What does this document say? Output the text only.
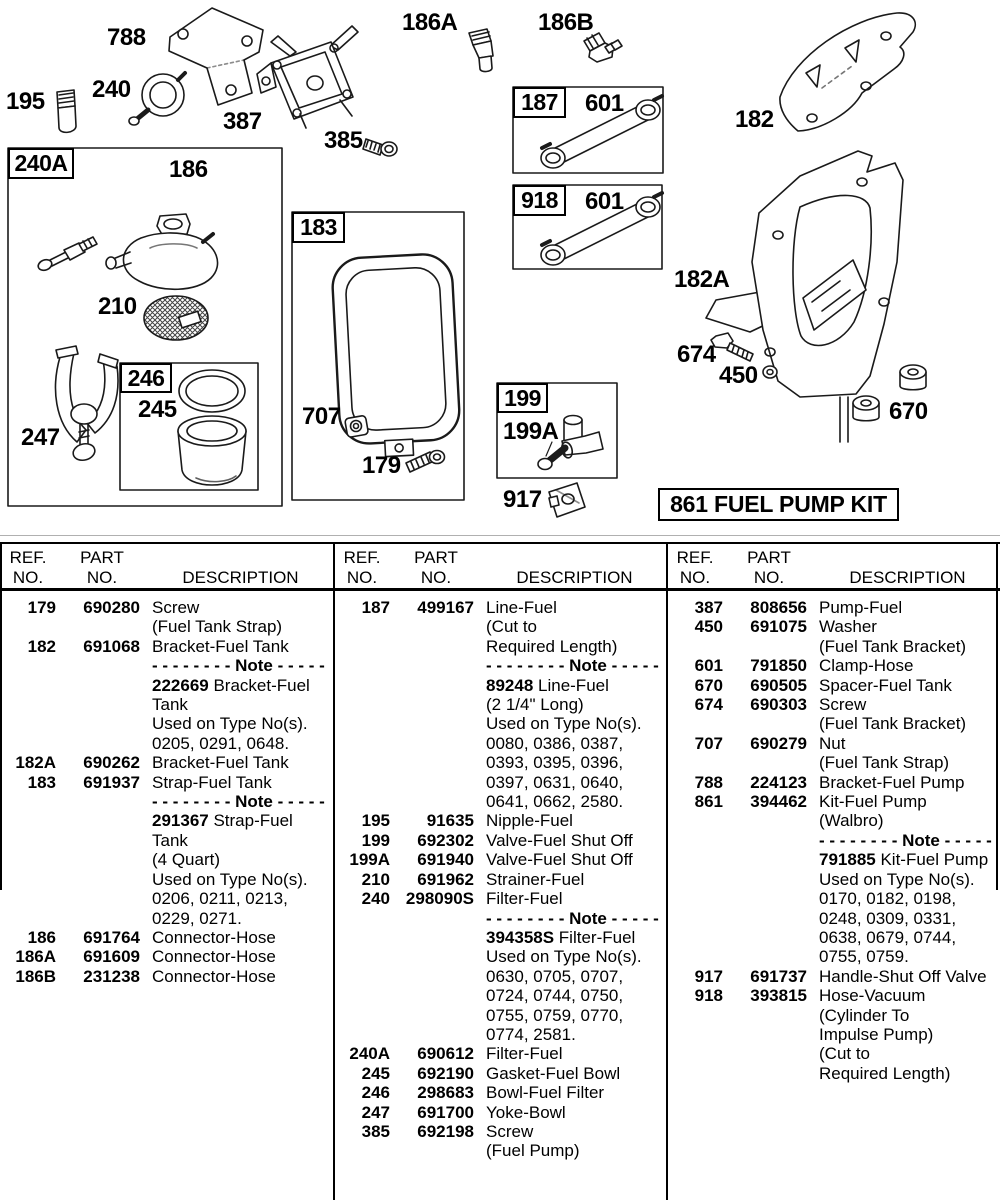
788
186A	186B
195 240
387
385
186
210
245
247
707
179
601
601
182
182A
674
450
670
199A
917
240A
183
246
187
918
199
861 FUEL PUMP KIT
REF.	PART
NO.	NO.	DESCRIPTION
179	690280 Screw
(Fuel Tank Strap)
182	691068 Bracket-Fuel Tank
- - - - - - - - Note - - - - -
222669 Bracket-Fuel
Tank
Used on Type No(s).
0205, 0291, 0648.
182A	690262 Bracket-Fuel Tank
183	691937 Strap-Fuel Tank
- - - - - - - - Note - - - - -
291367 Strap-Fuel
Tank
(4 Quart)
Used on Type No(s).
0206, 0211, 0213,
0229, 0271.
186	691764 Connector-Hose
186A	691609 Connector-Hose
186B	231238 Connector-Hose
REF.	PART
NO.	NO.	DESCRIPTION
187	499167 Line-Fuel
(Cut to
Required Length)
- - - - - - - - Note - - - - -
89248 Line-Fuel
(2 1/4" Long)
Used on Type No(s).
0080, 0386, 0387,
0393, 0395, 0396,
0397, 0631, 0640,
0641, 0662, 2580.
195	91635 Nipple-Fuel
199	692302 Valve-Fuel Shut Off
199A	691940 Valve-Fuel Shut Off
210	691962 Strainer-Fuel
240 298090S Filter-Fuel
- - - - - - - - Note - - - - -
394358S Filter-Fuel
Used on Type No(s).
0630, 0705, 0707,
0724, 0744, 0750,
0755, 0759, 0770,
0774, 2581.
240A	690612 Filter-Fuel
245	692190 Gasket-Fuel Bowl
246	298683 Bowl-Fuel Filter
247	691700 Yoke-Bowl
385	692198 Screw
(Fuel Pump)
REF.	PART
NO.	NO.	DESCRIPTION
387	808656 Pump-Fuel
450	691075 Washer
(Fuel Tank Bracket)
601	791850 Clamp-Hose
670	690505 Spacer-Fuel Tank
674	690303 Screw
(Fuel Tank Bracket)
707	690279 Nut
(Fuel Tank Strap)
788	224123 Bracket-Fuel Pump
861	394462 Kit-Fuel Pump
(Walbro)
- - - - - - - - Note - - - - -
791885 Kit-Fuel Pump
Used on Type No(s).
0170, 0182, 0198,
0248, 0309, 0331,
0638, 0679, 0744,
0755, 0759.
917	691737 Handle-Shut Off Valve
918	393815 Hose-Vacuum
(Cylinder To
Impulse Pump)
(Cut to
Required Length)
